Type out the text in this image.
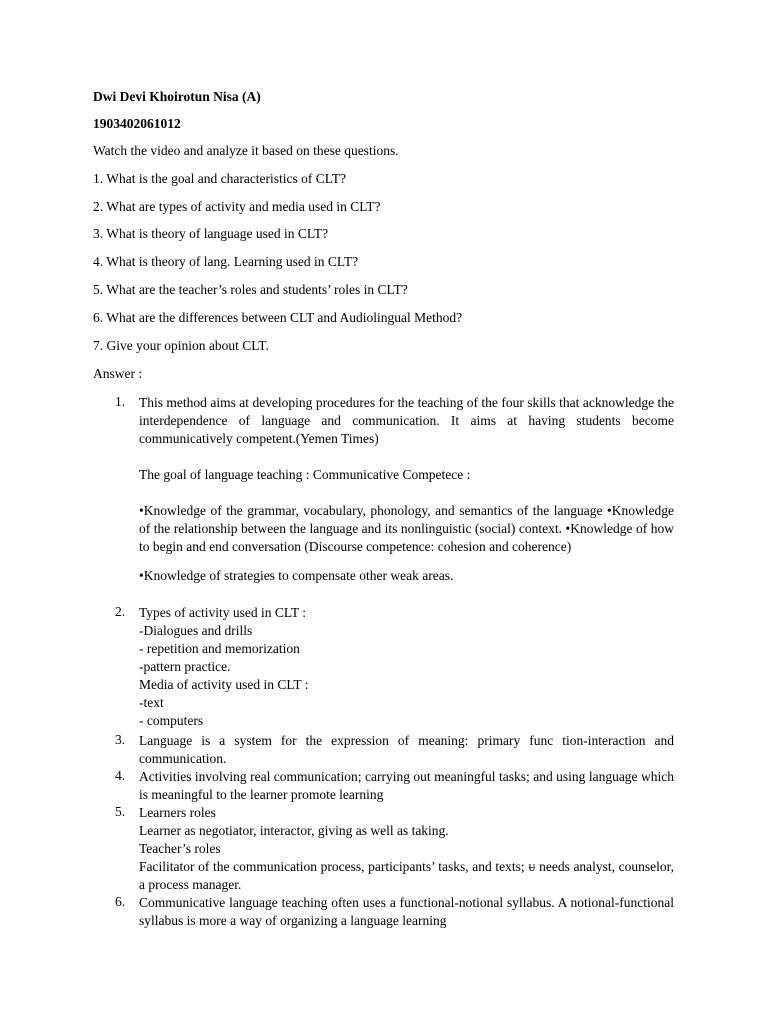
Dwi Devi Khoirotun Nisa (A)
1903402061012
Watch the video and analyze it based on these questions.
1. What is the goal and characteristics of CLT?
2. What are types of activity and media used in CLT?
3. What is theory of language used in CLT?
4. What is theory of lang. Learning used in CLT?
5. What are the teacher’s roles and students’ roles in CLT?
6. What are the differences between CLT and Audiolingual Method?
7. Give your opinion about CLT.
Answer :
1.	This method aims at developing procedures for the teaching of the four skills that acknowledge the interdependence of language and communication. It aims at having students become communicatively competent.(Yemen Times)

The goal of language teaching : Communicative Competece :

•Knowledge of the grammar, vocabulary, phonology, and semantics of the language •Knowledge of the relationship between the language and its nonlinguistic (social) context. •Knowledge of how to begin and end conversation (Discourse competence: cohesion and coherence)

•Knowledge of strategies to compensate other weak areas.

2.	Types of activity used in CLT :

-Dialogues and drills

- repetition and memorization

-pattern practice.

Media of activity used in CLT :

-text

- computers

3.	Language is a system for the expression of meaning: primary func tion-interaction and communication.

4.	Activities involving real communication; carrying out meaningful tasks; and using language which is meaningful to the learner promote learning

5.	Learners roles

Learner as negotiator, interactor, giving as well as taking.

Teacher’s roles

Facilitator of the communication process, participants’ tasks, and texts; ᵾ needs analyst, counselor, a process manager.

6.	Communicative language teaching often uses a functional-notional syllabus. A notional-functional syllabus is more a way of organizing a language learning
